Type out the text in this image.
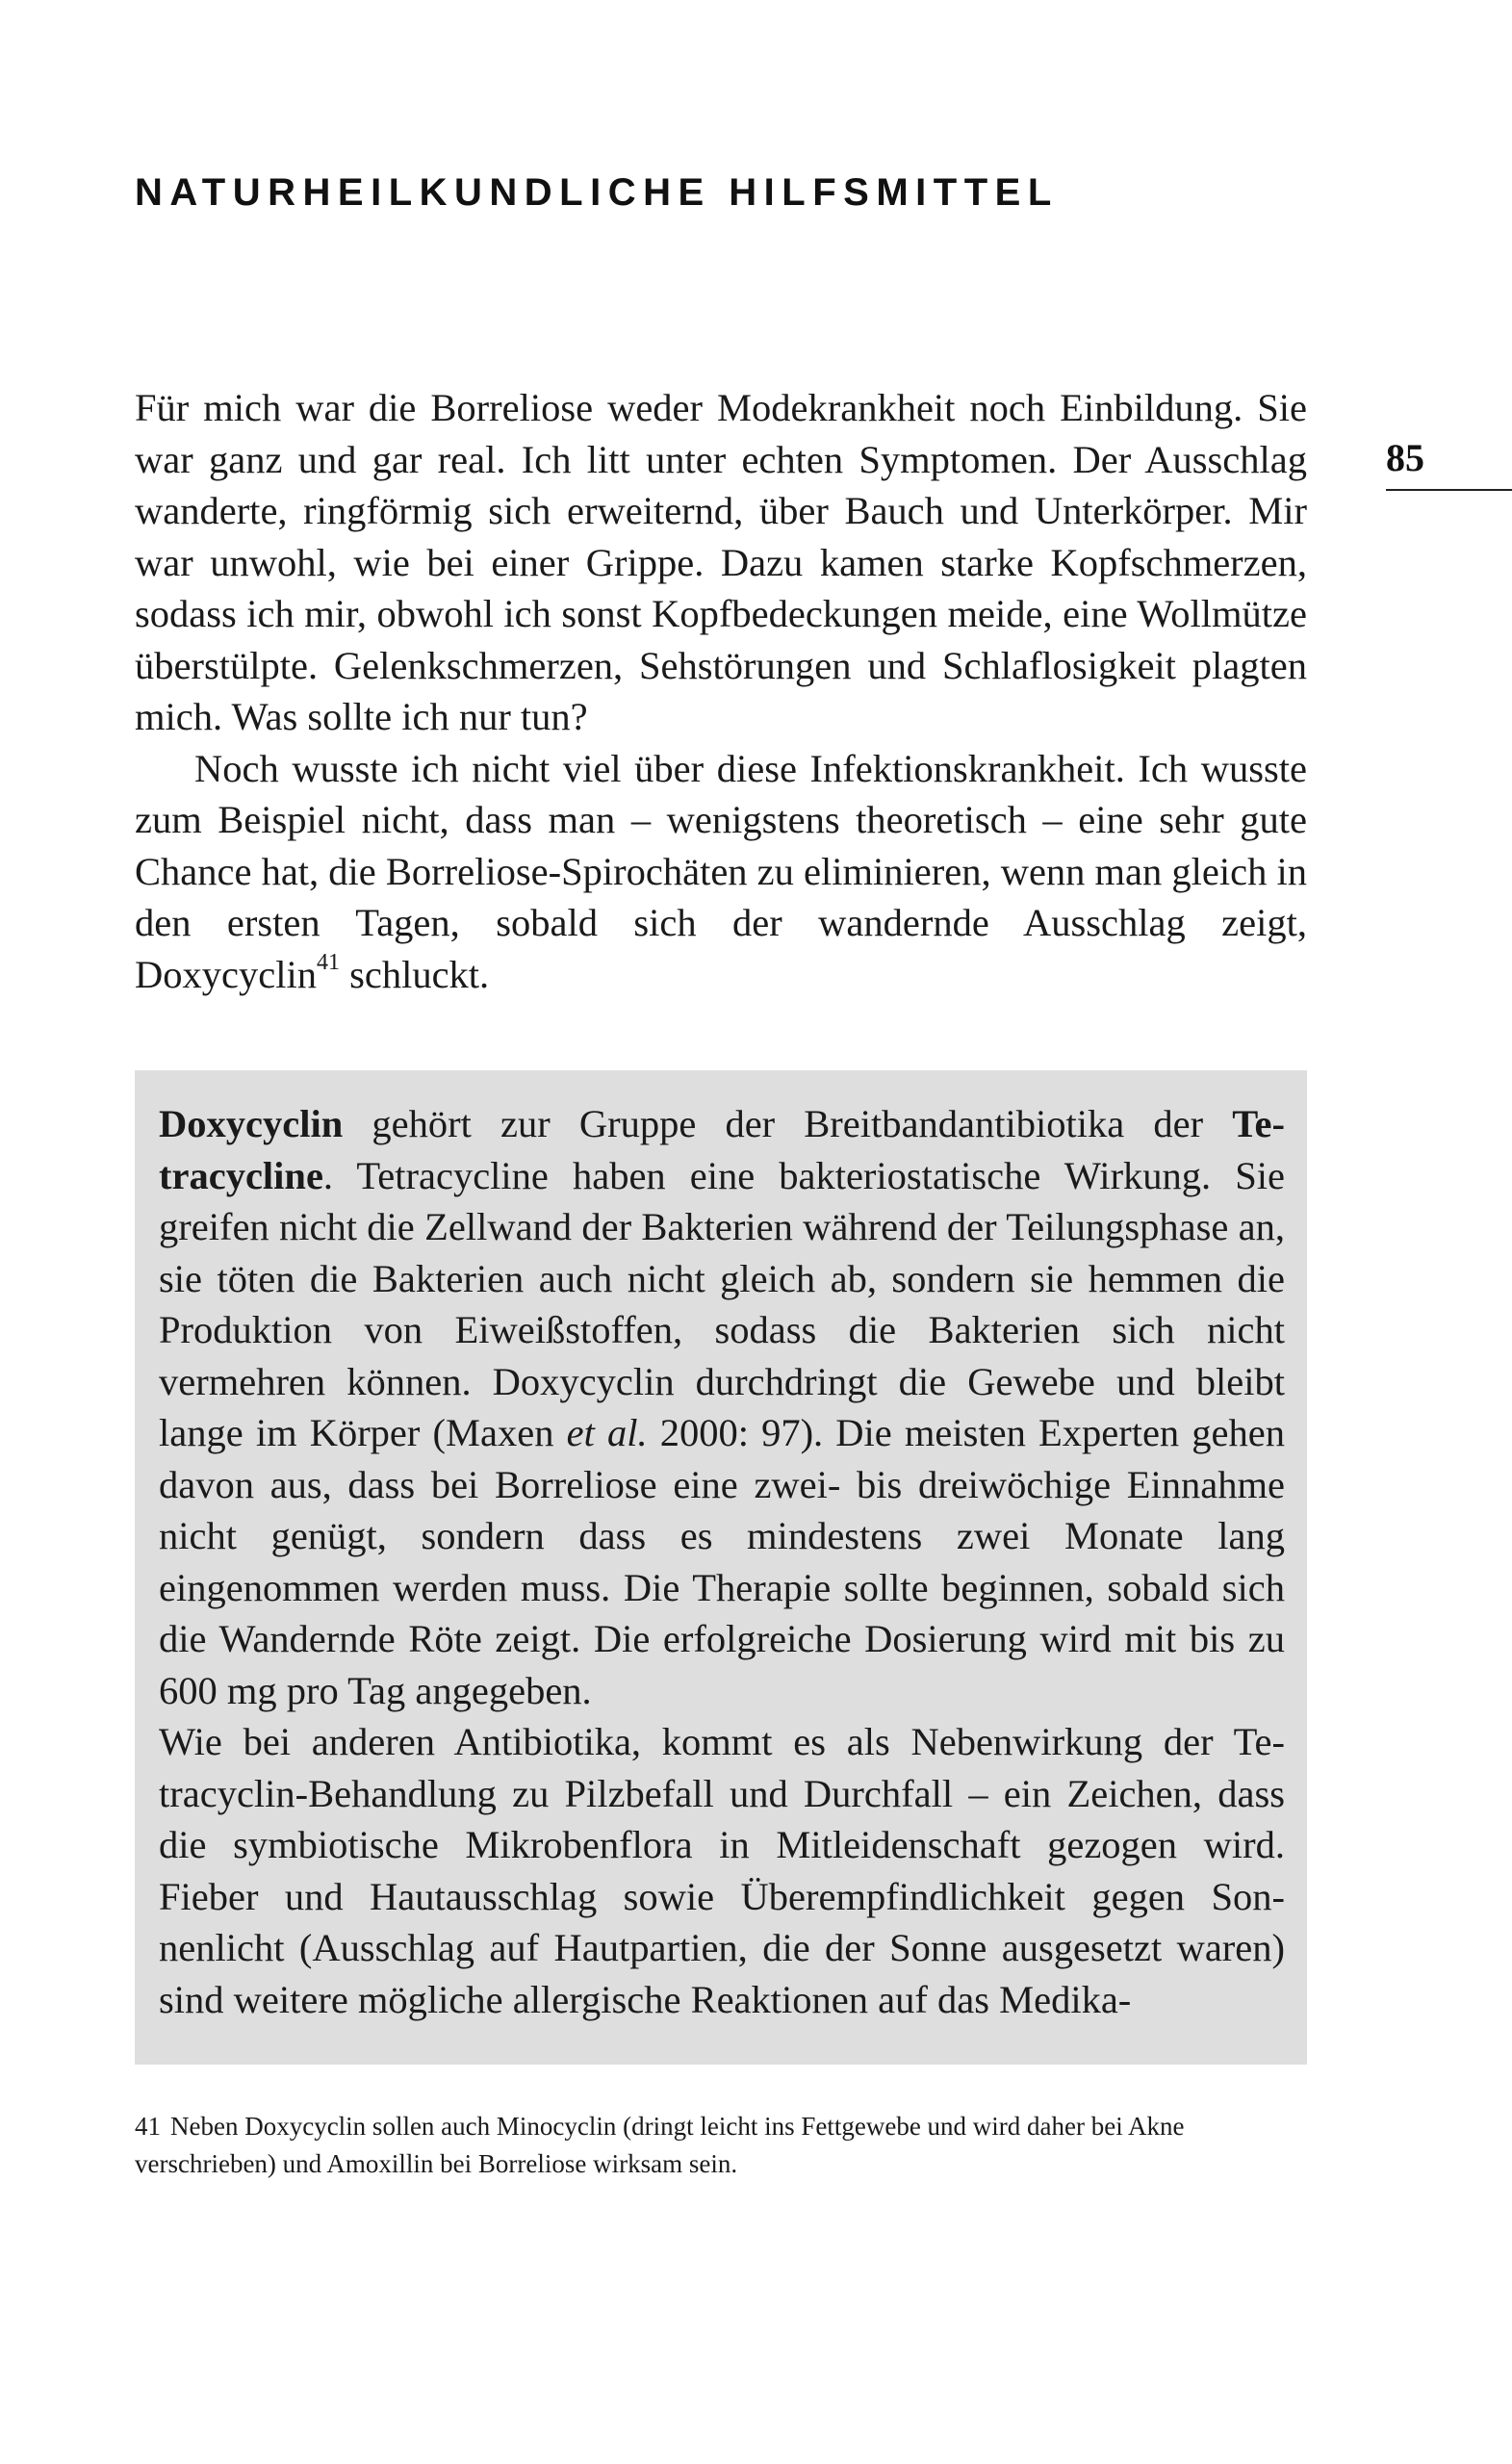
NATURHEILKUNDLICHE HILFSMITTEL
85

Für mich war die Borreliose weder Modekrankheit noch Einbildung. Sie war ganz und gar real. Ich litt unter echten Symptomen. Der Ausschlag wanderte, ringförmig sich erweiternd, über Bauch und Unterkörper. Mir war unwohl, wie bei einer Grippe. Dazu kamen starke Kopfschmerzen, sodass ich mir, obwohl ich sonst Kopfbedeckungen meide, eine Wollmütze überstülpte. Gelenkschmerzen, Sehstörungen und Schlaflosigkeit plagten mich. Was sollte ich nur tun?

Noch wusste ich nicht viel über diese Infektionskrankheit. Ich wusste zum Beispiel nicht, dass man – wenigstens theoretisch – eine sehr gute Chance hat, die Borreliose-Spirochäten zu eliminieren, wenn man gleich in den ersten Tagen, sobald sich der wandernde Ausschlag zeigt, Doxycyclin$^{41}$ schluckt.

Doxycyclin gehört zur Gruppe der Breitbandantibiotika der Tetracycline. Tetracycline haben eine bakteriostatische Wirkung. Sie greifen nicht die Zellwand der Bakterien während der Teilungsphase an, sie töten die Bakterien auch nicht gleich ab, sondern sie hemmen die Produktion von Eiweißstoffen, sodass die Bakterien sich nicht vermehren können. Doxycyclin durchdringt die Gewebe und bleibt lange im Körper (Maxen et al. 2000: 97). Die meisten Experten gehen davon aus, dass bei Borreliose eine zwei- bis dreiwöchige Einnahme nicht genügt, sondern dass es mindestens zwei Monate lang eingenommen werden muss. Die Therapie sollte beginnen, sobald sich die Wandernde Röte zeigt. Die erfolgreiche Dosierung wird mit bis zu 600 mg pro Tag angegeben.

Wie bei anderen Antibiotika, kommt es als Nebenwirkung der Tetracyclin-Behandlung zu Pilzbefall und Durchfall – ein Zeichen, dass die symbiotische Mikrobenflora in Mitleidenschaft gezogen wird. Fieber und Hautausschlag sowie Überempfindlichkeit gegen Sonnenlicht (Ausschlag auf Hautpartien, die der Sonne ausgesetzt waren) sind weitere mögliche allergische Reaktionen auf das Medika-

41 Neben Doxycyclin sollen auch Minocyclin (dringt leicht ins Fettgewebe und wird daher bei Akne verschrieben) und Amoxillin bei Borreliose wirksam sein.
